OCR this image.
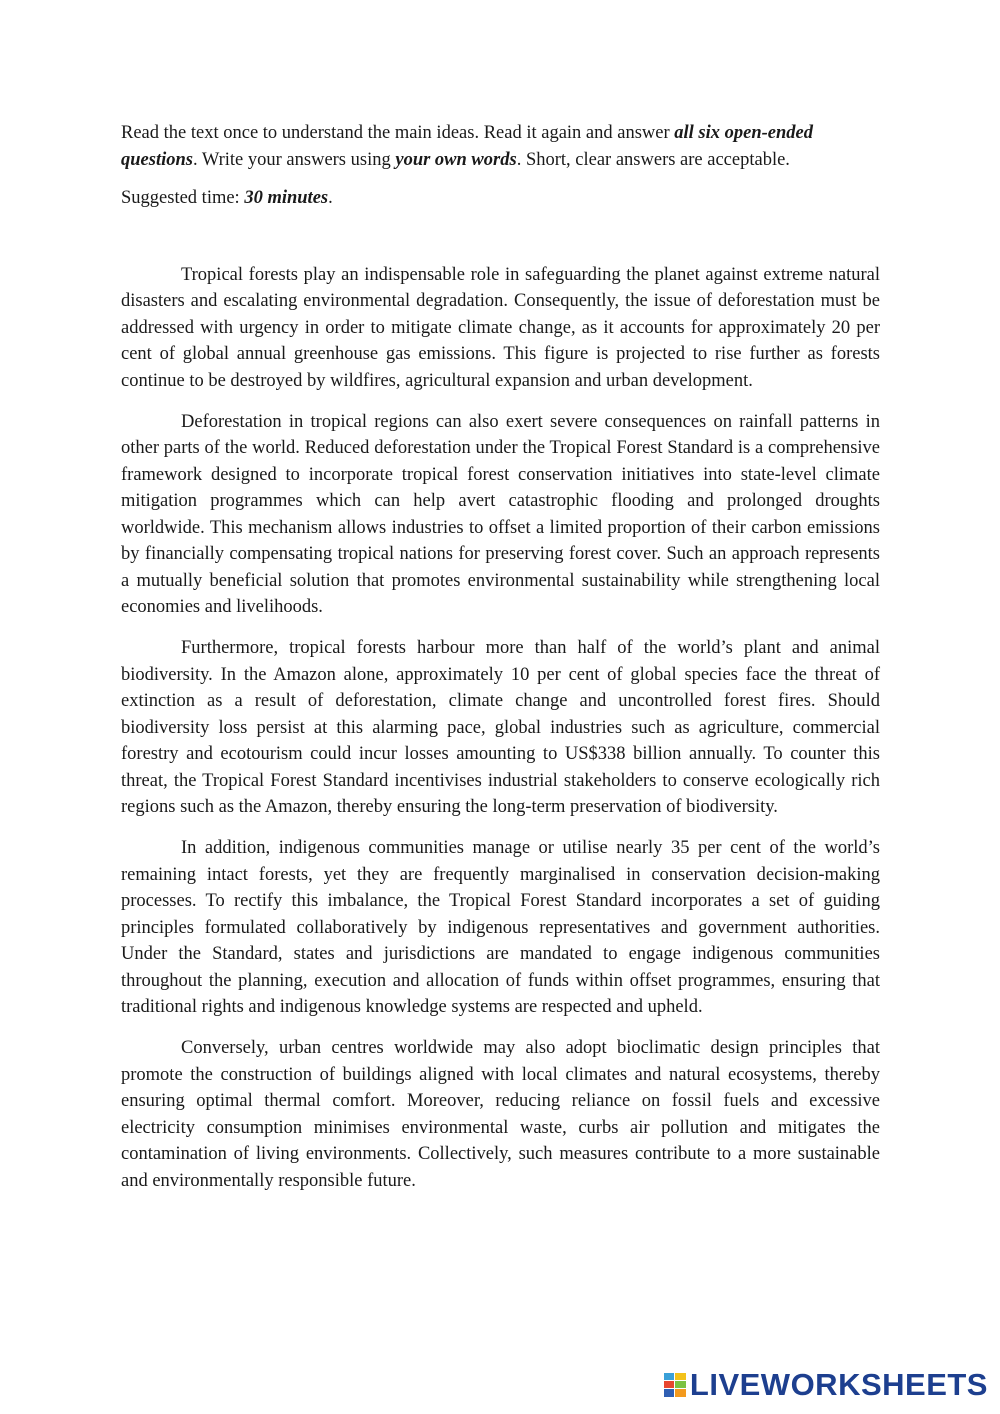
Read the text once to understand the main ideas. Read it again and answer all six open-ended questions. Write your answers using your own words. Short, clear answers are acceptable.

Suggested time: 30 minutes.

Tropical forests play an indispensable role in safeguarding the planet against extreme natural disasters and escalating environmental degradation. Consequently, the issue of deforestation must be addressed with urgency in order to mitigate climate change, as it accounts for approximately 20 per cent of global annual greenhouse gas emissions. This figure is projected to rise further as forests continue to be destroyed by wildfires, agricultural expansion and urban development.

Deforestation in tropical regions can also exert severe consequences on rainfall patterns in other parts of the world. Reduced deforestation under the Tropical Forest Standard is a comprehensive framework designed to incorporate tropical forest conservation initiatives into state-level climate mitigation programmes which can help avert catastrophic flooding and prolonged droughts worldwide. This mechanism allows industries to offset a limited proportion of their carbon emissions by financially compensating tropical nations for preserving forest cover. Such an approach represents a mutually beneficial solution that promotes environmental sustainability while strengthening local economies and livelihoods.

Furthermore, tropical forests harbour more than half of the world’s plant and animal biodiversity. In the Amazon alone, approximately 10 per cent of global species face the threat of extinction as a result of deforestation, climate change and uncontrolled forest fires. Should biodiversity loss persist at this alarming pace, global industries such as agriculture, commercial forestry and ecotourism could incur losses amounting to US$338 billion annually. To counter this threat, the Tropical Forest Standard incentivises industrial stakeholders to conserve ecologically rich regions such as the Amazon, thereby ensuring the long-term preservation of biodiversity.

In addition, indigenous communities manage or utilise nearly 35 per cent of the world’s remaining intact forests, yet they are frequently marginalised in conservation decision-making processes. To rectify this imbalance, the Tropical Forest Standard incorporates a set of guiding principles formulated collaboratively by indigenous representatives and government authorities. Under the Standard, states and jurisdictions are mandated to engage indigenous communities throughout the planning, execution and allocation of funds within offset programmes, ensuring that traditional rights and indigenous knowledge systems are respected and upheld.

Conversely, urban centres worldwide may also adopt bioclimatic design principles that promote the construction of buildings aligned with local climates and natural ecosystems, thereby ensuring optimal thermal comfort. Moreover, reducing reliance on fossil fuels and excessive electricity consumption minimises environmental waste, curbs air pollution and mitigates the contamination of living environments. Collectively, such measures contribute to a more sustainable and environmentally responsible future.

LIVEWORKSHEETS
